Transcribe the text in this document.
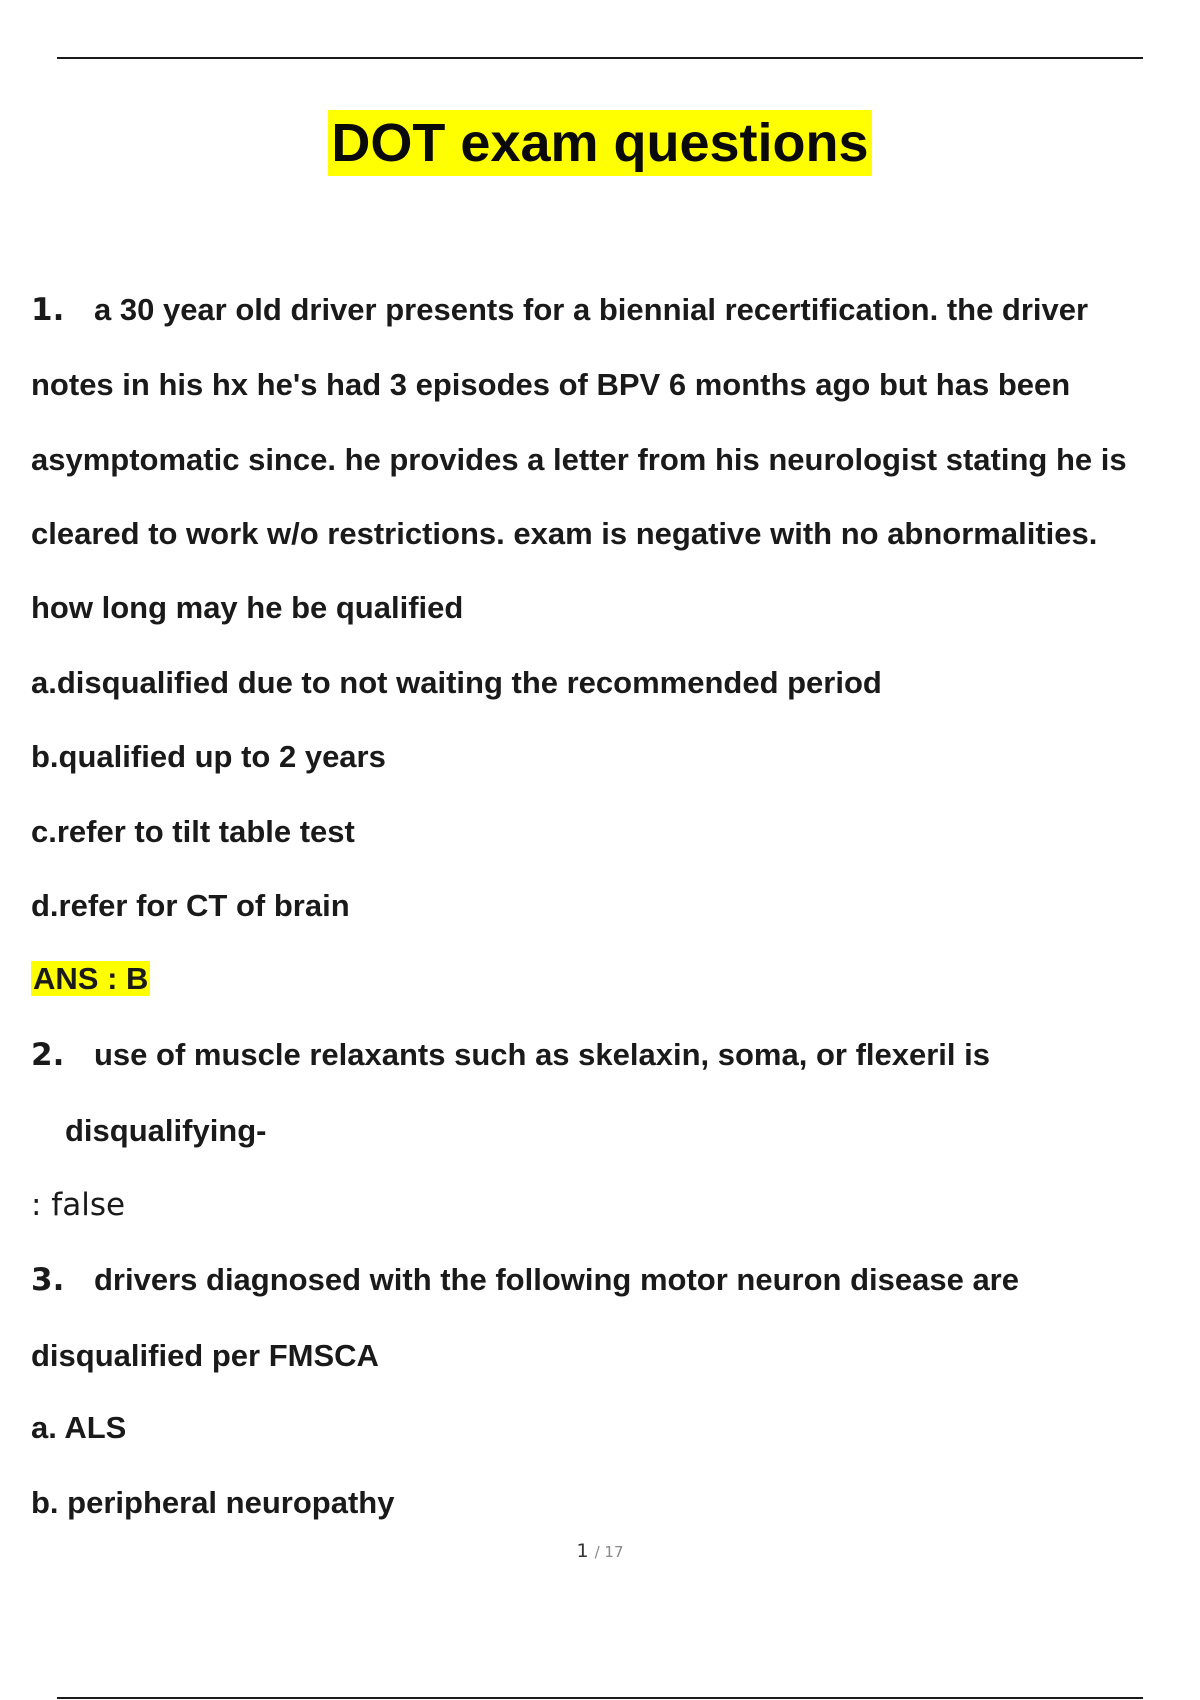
DOT exam questions
1. a 30 year old driver presents for a biennial recertification. the driver
notes in his hx he's had 3 episodes of BPV 6 months ago but has been
asymptomatic since. he provides a letter from his neurologist stating he is
cleared to work w/o restrictions. exam is negative with no abnormalities.
how long may he be qualified
a.disqualified due to not waiting the recommended period
b.qualified up to 2 years
c.refer to tilt table test
d.refer for CT of brain
ANS : B
2. use of muscle relaxants such as skelaxin, soma, or flexeril is
disqualifying-
: false
3. drivers diagnosed with the following motor neuron disease are
disqualified per FMSCA
a. ALS
b. peripheral neuropathy
1 / 17
